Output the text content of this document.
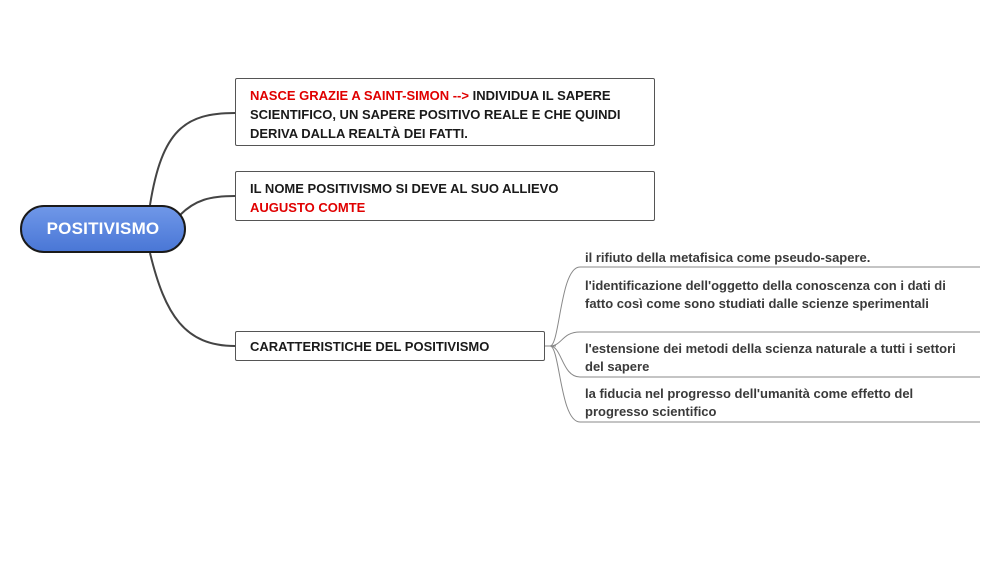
POSITIVISMO
NASCE GRAZIE A SAINT-SIMON --> INDIVIDUA IL SAPERE SCIENTIFICO, UN SAPERE POSITIVO REALE E CHE QUINDI DERIVA DALLA REALTÀ DEI FATTI.
IL NOME POSITIVISMO SI DEVE AL SUO ALLIEVO
AUGUSTO COMTE
CARATTERISTICHE DEL POSITIVISMO
il rifiuto della metafisica come pseudo-sapere.
l'identificazione dell'oggetto della conoscenza con i dati di fatto così come sono studiati dalle scienze sperimentali
l'estensione dei metodi della scienza naturale a tutti i settori del sapere
la fiducia nel progresso dell'umanità come effetto del progresso scientifico
